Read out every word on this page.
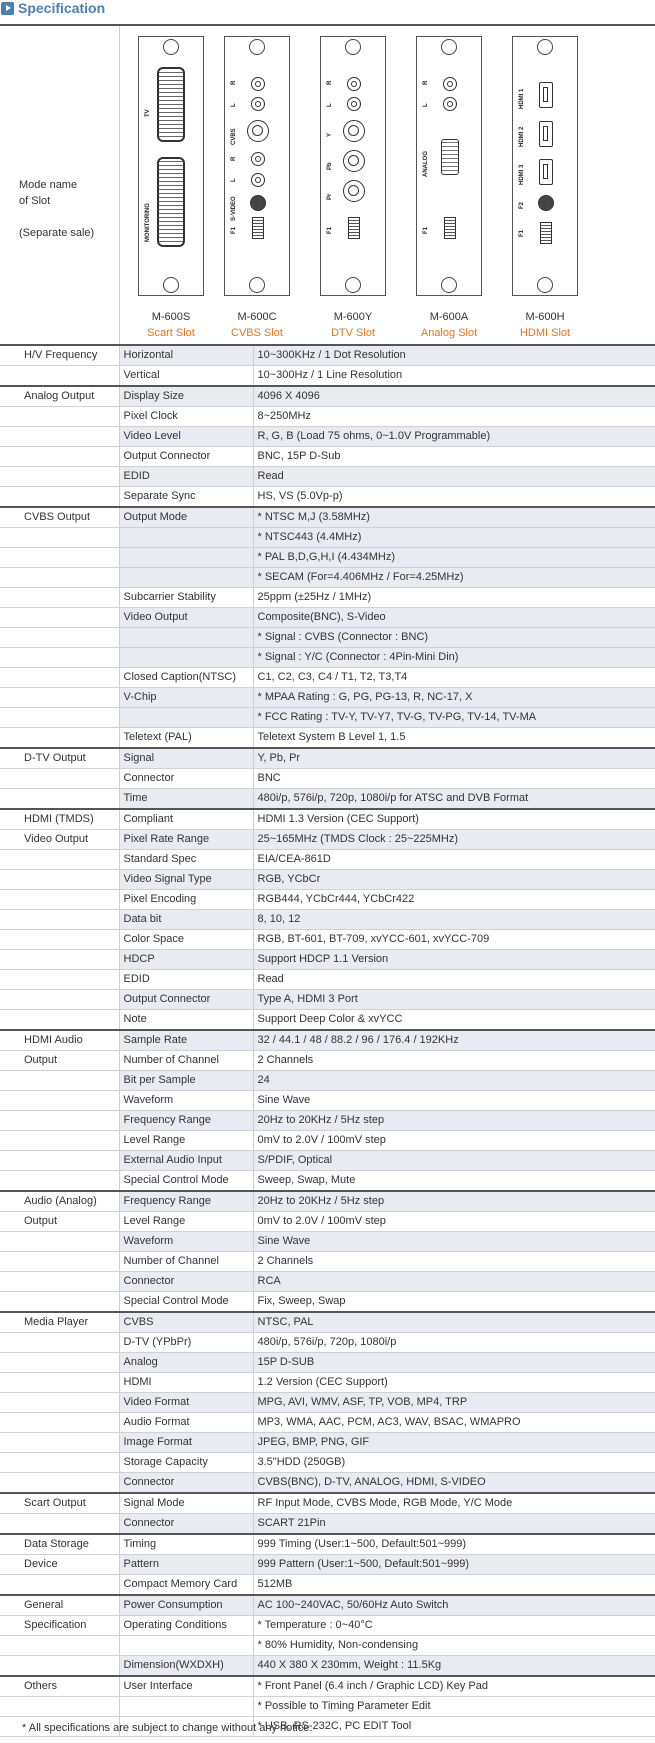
Specification
Mode name
of Slot
(Separate sale)
TV
MONITORING
R
L
CVBS
R
L
S-VIDEO
F1
R
L
Y
Pb
Pr
F1
R
L
ANALOG
F1
HDMI 1
HDMI 2
HDMI 3
F2
F1
M-600S
Scart Slot
M-600C
CVBS Slot
M-600Y
DTV Slot
M-600A
Analog Slot
M-600H
HDMI Slot
H/V Frequency	Horizontal	10~300KHz / 1 Dot Resolution
	Vertical	10~300Hz / 1 Line Resolution
Analog Output	Display Size	4096 X 4096
	Pixel Clock	8~250MHz
	Video Level	R, G, B (Load 75 ohms, 0~1.0V Programmable)
	Output Connector	BNC, 15P D-Sub
	EDID	Read
	Separate Sync	HS, VS (5.0Vp-p)
CVBS Output	Output Mode	* NTSC M,J (3.58MHz)
		* NTSC443 (4.4MHz)
		* PAL B,D,G,H,I (4.434MHz)
		* SECAM (For=4.406MHz / For=4.25MHz)
	Subcarrier Stability	25ppm (±25Hz / 1MHz)
	Video Output	Composite(BNC), S-Video
		* Signal : CVBS (Connector : BNC)
		* Signal : Y/C (Connector : 4Pin-Mini Din)
	Closed Caption(NTSC)	C1, C2, C3, C4 / T1, T2, T3,T4
	V-Chip	* MPAA Rating : G, PG, PG-13, R, NC-17, X
		* FCC Rating : TV-Y, TV-Y7, TV-G, TV-PG, TV-14, TV-MA
	Teletext (PAL)	Teletext System B Level 1, 1.5
D-TV Output	Signal	Y, Pb, Pr
	Connector	BNC
	Time	480i/p, 576i/p, 720p, 1080i/p for ATSC and DVB Format
HDMI (TMDS)	Compliant	HDMI 1.3 Version (CEC Support)
Video Output	Pixel Rate Range	25~165MHz (TMDS Clock : 25~225MHz)
	Standard Spec	EIA/CEA-861D
	Video Signal Type	RGB, YCbCr
	Pixel Encoding	RGB444, YCbCr444, YCbCr422
	Data bit	8, 10, 12
	Color Space	RGB, BT-601, BT-709, xvYCC-601, xvYCC-709
	HDCP	Support HDCP 1.1 Version
	EDID	Read
	Output Connector	Type A, HDMI 3 Port
	Note	Support Deep Color & xvYCC
HDMI Audio	Sample Rate	32 / 44.1 / 48 / 88.2 / 96 / 176.4 / 192KHz
Output	Number of Channel	2 Channels
	Bit per Sample	24
	Waveform	Sine Wave
	Frequency Range	20Hz to 20KHz / 5Hz step
	Level Range	0mV to 2.0V / 100mV step
	External Audio Input	S/PDIF, Optical
	Special Control Mode	Sweep, Swap, Mute
Audio (Analog)	Frequency Range	20Hz to 20KHz / 5Hz step
Output	Level Range	0mV to 2.0V / 100mV step
	Waveform	Sine Wave
	Number of Channel	2 Channels
	Connector	RCA
	Special Control Mode	Fix, Sweep, Swap
Media Player	CVBS	NTSC, PAL
	D-TV (YPbPr)	480i/p, 576i/p, 720p, 1080i/p
	Analog	15P D-SUB
	HDMI	1.2 Version (CEC Support)
	Video Format	MPG, AVI, WMV, ASF, TP, VOB, MP4, TRP
	Audio Format	MP3, WMA, AAC, PCM, AC3, WAV, BSAC, WMAPRO
	Image Format	JPEG, BMP, PNG, GIF
	Storage Capacity	3.5"HDD (250GB)
	Connector	CVBS(BNC), D-TV, ANALOG, HDMI, S-VIDEO
Scart Output	Signal Mode	RF Input Mode, CVBS Mode, RGB Mode, Y/C Mode
	Connector	SCART 21Pin
Data Storage	Timing	999 Timing (User:1~500, Default:501~999)
Device	Pattern	999 Pattern (User:1~500, Default:501~999)
	Compact Memory Card	512MB
General	Power Consumption	AC 100~240VAC, 50/60Hz Auto Switch
Specification	Operating Conditions	* Temperature : 0~40°C
		* 80% Humidity, Non-condensing
	Dimension(WXDXH)	440 X 380 X 230mm, Weight : 11.5Kg
Others	User Interface	* Front Panel (6.4 inch / Graphic LCD) Key Pad
		* Possible to Timing Parameter Edit
		* USB, RS-232C, PC EDIT Tool
* All specifications are subject to change without any notice.
